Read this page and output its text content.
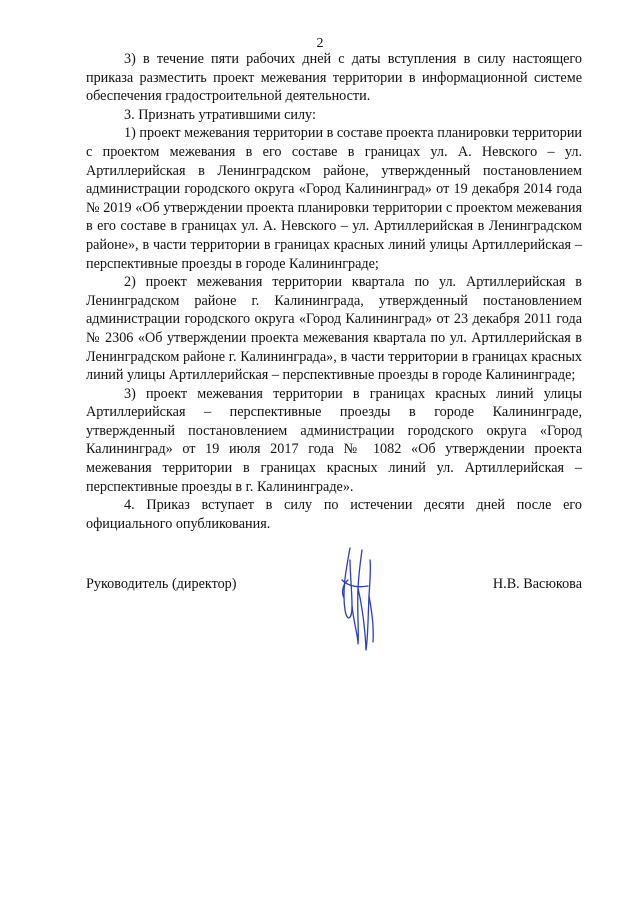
2

3) в течение пяти рабочих дней с даты вступления в силу настоящего приказа разместить проект межевания территории в информационной системе обеспечения градостроительной деятельности.

3. Признать утратившими силу:

1) проект межевания территории в составе проекта планировки территории с проектом межевания в его составе в границах ул. А. Невского – ул. Артиллерийская в Ленинградском районе, утвержденный постановлением администрации городского округа «Город Калининград» от 19 декабря 2014 года № 2019 «Об утверждении проекта планировки территории с проектом межевания в его составе в границах ул. А. Невского – ул. Артиллерийская в Ленинградском районе», в части территории в границах красных линий улицы Артиллерийская – перспективные проезды в городе Калининграде;

2) проект межевания территории квартала по ул. Артиллерийская в Ленинградском районе г. Калининграда, утвержденный постановлением администрации городского округа «Город Калининград» от 23 декабря 2011 года № 2306 «Об утверждении проекта межевания квартала по ул. Артиллерийская в Ленинградском районе г. Калининграда», в части территории в границах красных линий улицы Артиллерийская – перспективные проезды в городе Калининграде;

3) проект межевания территории в границах красных линий улицы Артиллерийская – перспективные проезды в городе Калининграде, утвержденный постановлением администрации городского округа «Город Калининград» от 19 июля 2017 года № 1082 «Об утверждении проекта межевания территории в границах красных линий ул. Артиллерийская – перспективные проезды в г. Калининграде».

4. Приказ вступает в силу по истечении десяти дней после его официального опубликования.

Руководитель (директор)	Н.В. Васюкова
